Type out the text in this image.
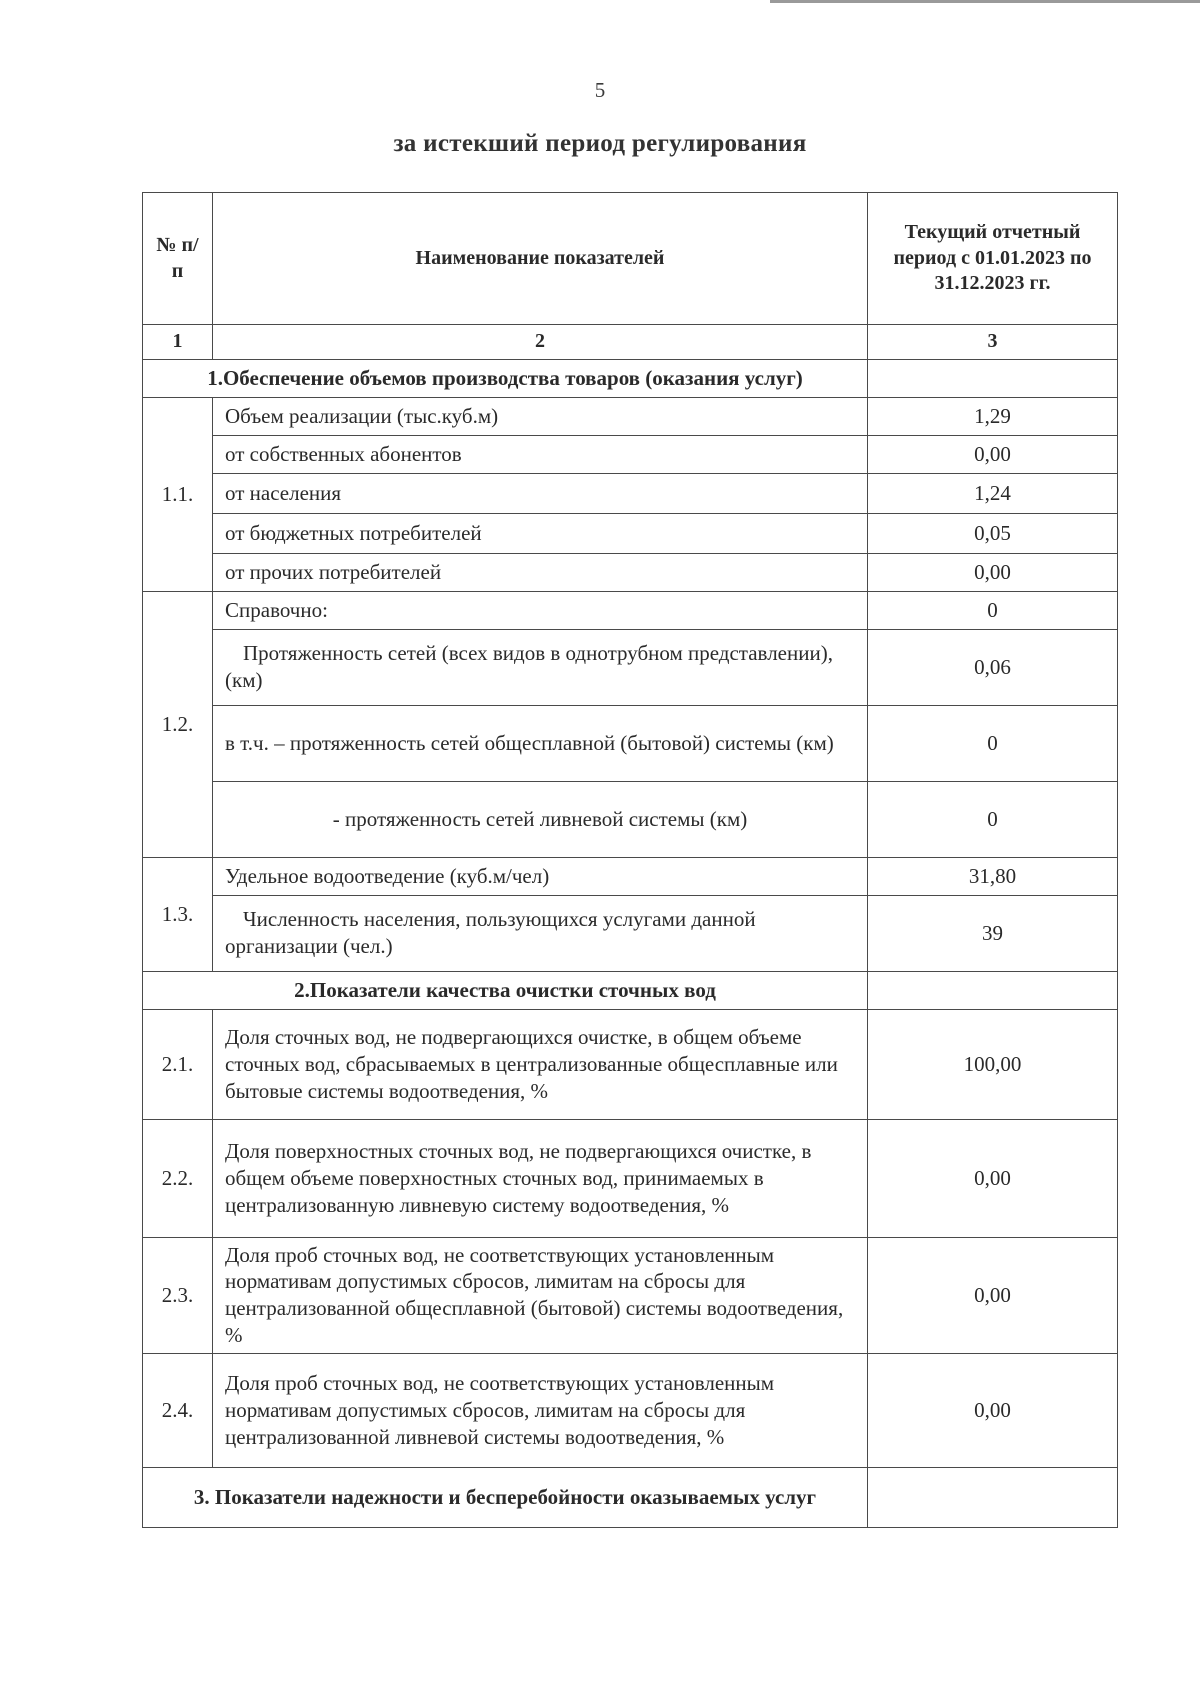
5
за истекший период регулирования
№ п/п	Наименование показателей	Текущий отчетный период с 01.01.2023 по 31.12.2023 гг.
1	2	3
1.Обеспечение объемов производства товаров (оказания услуг)		
1.1.	Объем реализации (тыс.куб.м)	1,29
	от собственных абонентов	0,00
	от населения	1,24
	от бюджетных потребителей	0,05
	от прочих потребителей	0,00
1.2.	Справочно:	0
	Протяженность сетей (всех видов в однотрубном представлении), (км)	0,06
	в т.ч. – протяженность сетей общесплавной (бытовой) системы (км)	0
	- протяженность сетей ливневой системы (км)	0
1.3.	Удельное водоотведение (куб.м/чел)	31,80
	Численность населения, пользующихся услугами данной организации (чел.)	39
2.Показатели качества очистки сточных вод		
2.1.	Доля сточных вод, не подвергающихся очистке, в общем объеме сточных вод, сбрасываемых в централизованные общесплавные или бытовые системы водоотведения, %	100,00
2.2.	Доля поверхностных сточных вод, не подвергающихся очистке, в общем объеме поверхностных сточных вод, принимаемых в централизованную ливневую систему водоотведения, %	0,00
2.3.	Доля проб сточных вод, не соответствующих установленным нормативам допустимых сбросов, лимитам на сбросы для централизованной общесплавной (бытовой) системы водоотведения, %	0,00
2.4.	Доля проб сточных вод, не соответствующих установленным нормативам допустимых сбросов, лимитам на сбросы для централизованной ливневой системы водоотведения, %	0,00
3. Показатели надежности и бесперебойности оказываемых услуг		
